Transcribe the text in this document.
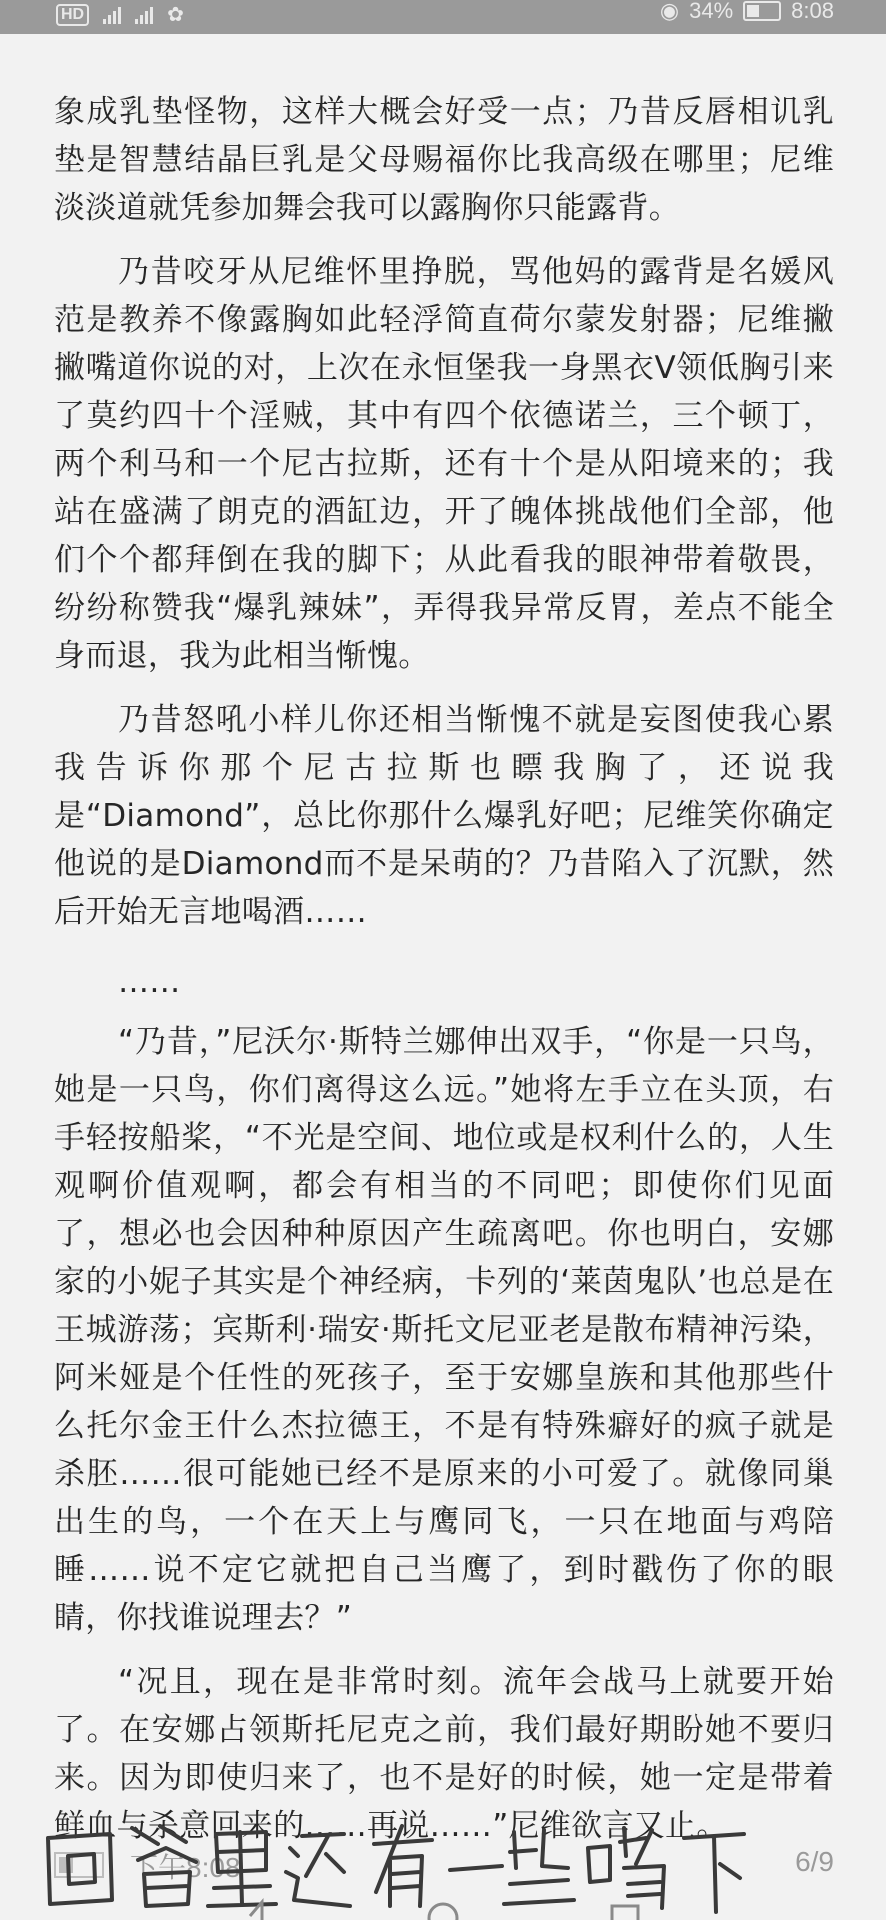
HD	✿	◉ 34%	8:08

象成乳垫怪物，这样大概会好受一点；乃昔反唇相讥乳垫是智慧结晶巨乳是父母赐福你比我高级在哪里；尼维淡淡道就凭参加舞会我可以露胸你只能露背。

乃昔咬牙从尼维怀里挣脱，骂他妈的露背是名媛风范是教养不像露胸如此轻浮简直荷尔蒙发射器；尼维撇撇嘴道你说的对，上次在永恒堡我一身黑衣V领低胸引来了莫约四十个淫贼，其中有四个依德诺兰，三个顿丁，两个利马和一个尼古拉斯，还有十个是从阳境来的；我站在盛满了朗克的酒缸边，开了魄体挑战他们全部，他们个个都拜倒在我的脚下；从此看我的眼神带着敬畏，纷纷称赞我“爆乳辣妹”，弄得我异常反胃，差点不能全身而退，我为此相当惭愧。

乃昔怒吼小样儿你还相当惭愧不就是妄图使我心累我告诉你那个尼古拉斯也瞟我胸了，还说我是“Diamond”，总比你那什么爆乳好吧；尼维笑你确定他说的是Diamond而不是呆萌的？乃昔陷入了沉默，然后开始无言地喝酒……

……

“乃昔，”尼沃尔·斯特兰娜伸出双手，“你是一只鸟，她是一只鸟，你们离得这么远。”她将左手立在头顶，右手轻按船桨，“不光是空间、地位或是权利什么的，人生观啊价值观啊，都会有相当的不同吧；即使你们见面了，想必也会因种种原因产生疏离吧。你也明白，安娜家的小妮子其实是个神经病，卡列的‘莱茵鬼队’也总是在王城游荡；宾斯利·瑞安·斯托文尼亚老是散布精神污染，阿米娅是个任性的死孩子，至于安娜皇族和其他那些什么托尔金王什么杰拉德王，不是有特殊癖好的疯子就是杀胚……很可能她已经不是原来的小可爱了。就像同巢出生的鸟，一个在天上与鹰同飞，一只在地面与鸡陪睡……说不定它就把自己当鹰了，到时戳伤了你的眼睛，你找谁说理去？”

“况且，现在是非常时刻。流年会战马上就要开始了。在安娜占领斯托尼克之前，我们最好期盼她不要归来。因为即使归来了，也不是好的时候，她一定是带着鲜血与杀意回来的……再说……”尼维欲言又止。

下午8:08	6/9
